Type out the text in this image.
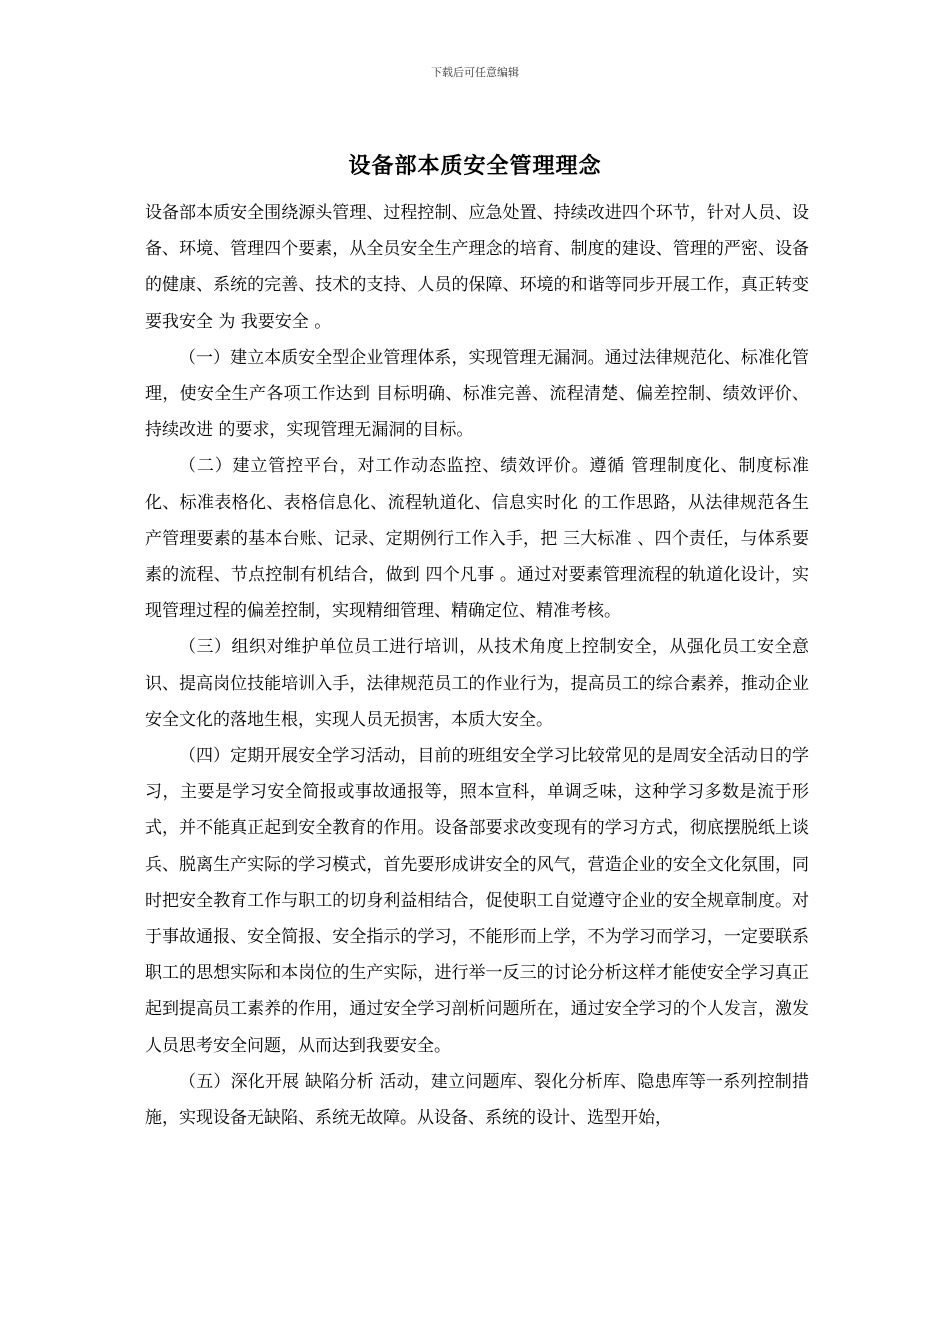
下载后可任意编辑
设备部本质安全管理理念

设备部本质安全围绕源头管理、过程控制、应急处置、持续改进四个环节，针对人员、设备、环境、管理四个要素，从全员安全生产理念的培育、制度的建设、管理的严密、设备的健康、系统的完善、技术的支持、人员的保障、环境的和谐等同步开展工作，真正转变 要我安全 为 我要安全 。

（一）建立本质安全型企业管理体系，实现管理无漏洞。通过法律规范化、标准化管理，使安全生产各项工作达到 目标明确、标准完善、流程清楚、偏差控制、绩效评价、持续改进 的要求，实现管理无漏洞的目标。

（二）建立管控平台，对工作动态监控、绩效评价。遵循 管理制度化、制度标准化、标准表格化、表格信息化、流程轨道化、信息实时化 的工作思路，从法律规范各生产管理要素的基本台账、记录、定期例行工作入手，把 三大标准 、四个责任，与体系要素的流程、节点控制有机结合，做到 四个凡事 。通过对要素管理流程的轨道化设计，实现管理过程的偏差控制，实现精细管理、精确定位、精准考核。

（三）组织对维护单位员工进行培训，从技术角度上控制安全，从强化员工安全意识、提高岗位技能培训入手，法律规范员工的作业行为，提高员工的综合素养，推动企业安全文化的落地生根，实现人员无损害，本质大安全。

（四）定期开展安全学习活动，目前的班组安全学习比较常见的是周安全活动日的学习，主要是学习安全简报或事故通报等，照本宣科，单调乏味，这种学习多数是流于形式，并不能真正起到安全教育的作用。设备部要求改变现有的学习方式，彻底摆脱纸上谈兵、脱离生产实际的学习模式，首先要形成讲安全的风气，营造企业的安全文化氛围，同时把安全教育工作与职工的切身利益相结合，促使职工自觉遵守企业的安全规章制度。对于事故通报、安全简报、安全指示的学习，不能形而上学，不为学习而学习，一定要联系职工的思想实际和本岗位的生产实际，进行举一反三的讨论分析这样才能使安全学习真正起到提高员工素养的作用，通过安全学习剖析问题所在，通过安全学习的个人发言，激发人员思考安全问题，从而达到我要安全。

（五）深化开展 缺陷分析 活动，建立问题库、裂化分析库、隐患库等一系列控制措施，实现设备无缺陷、系统无故障。从设备、系统的设计、选型开始，
